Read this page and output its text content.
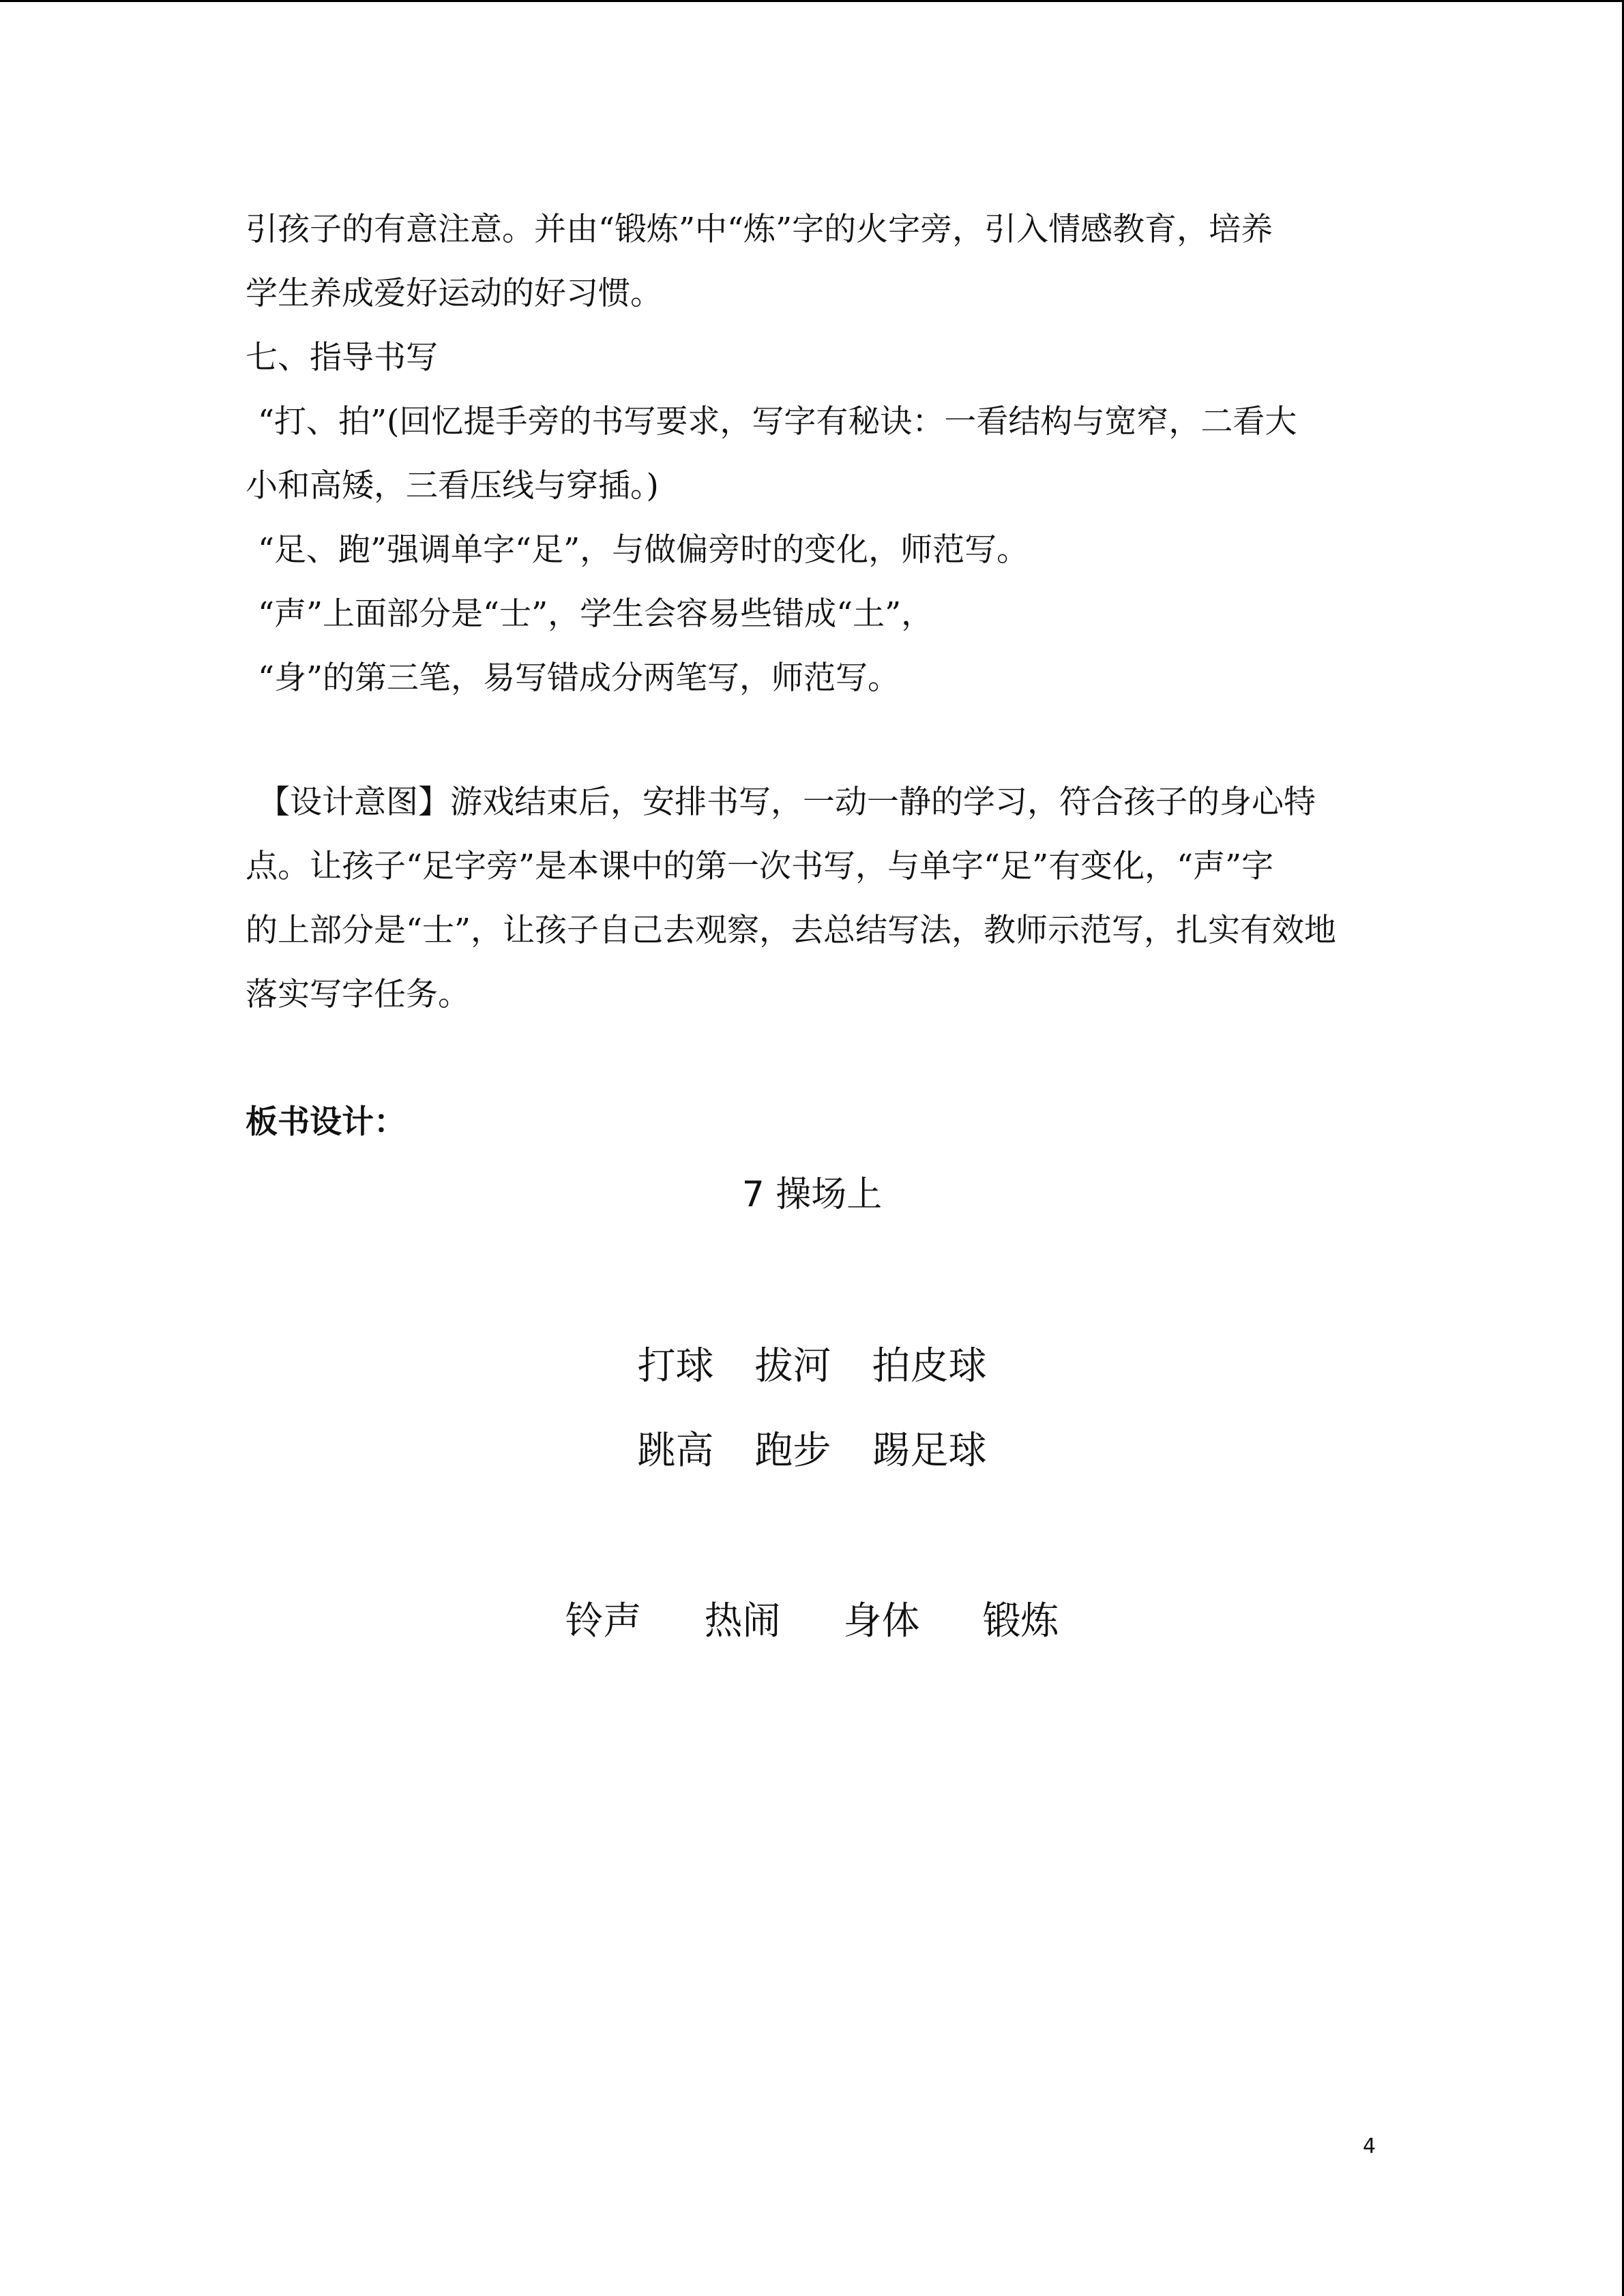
引孩子的有意注意。并由“锻炼”中“炼”字的火字旁，引入情感教育，培养

学生养成爱好运动的好习惯。

七、指导书写

“打、拍”(回忆提手旁的书写要求，写字有秘诀：一看结构与宽窄，二看大

小和高矮，三看压线与穿插。)

“足、跑”强调单字“足”，与做偏旁时的变化，师范写。

“声”上面部分是“士”，学生会容易些错成“土”，

“身”的第三笔，易写错成分两笔写，师范写。

【设计意图】游戏结束后，安排书写，一动一静的学习，符合孩子的身心特

点。让孩子“足字旁”是本课中的第一次书写，与单字“足”有变化，“声”字

的上部分是“士”，让孩子自己去观察，去总结写法，教师示范写，扎实有效地

落实写字任务。

板书设计：
7 操场上
打球 拔河 拍皮球
跳高 跑步 踢足球
铃声 热闹 身体 锻炼
4
